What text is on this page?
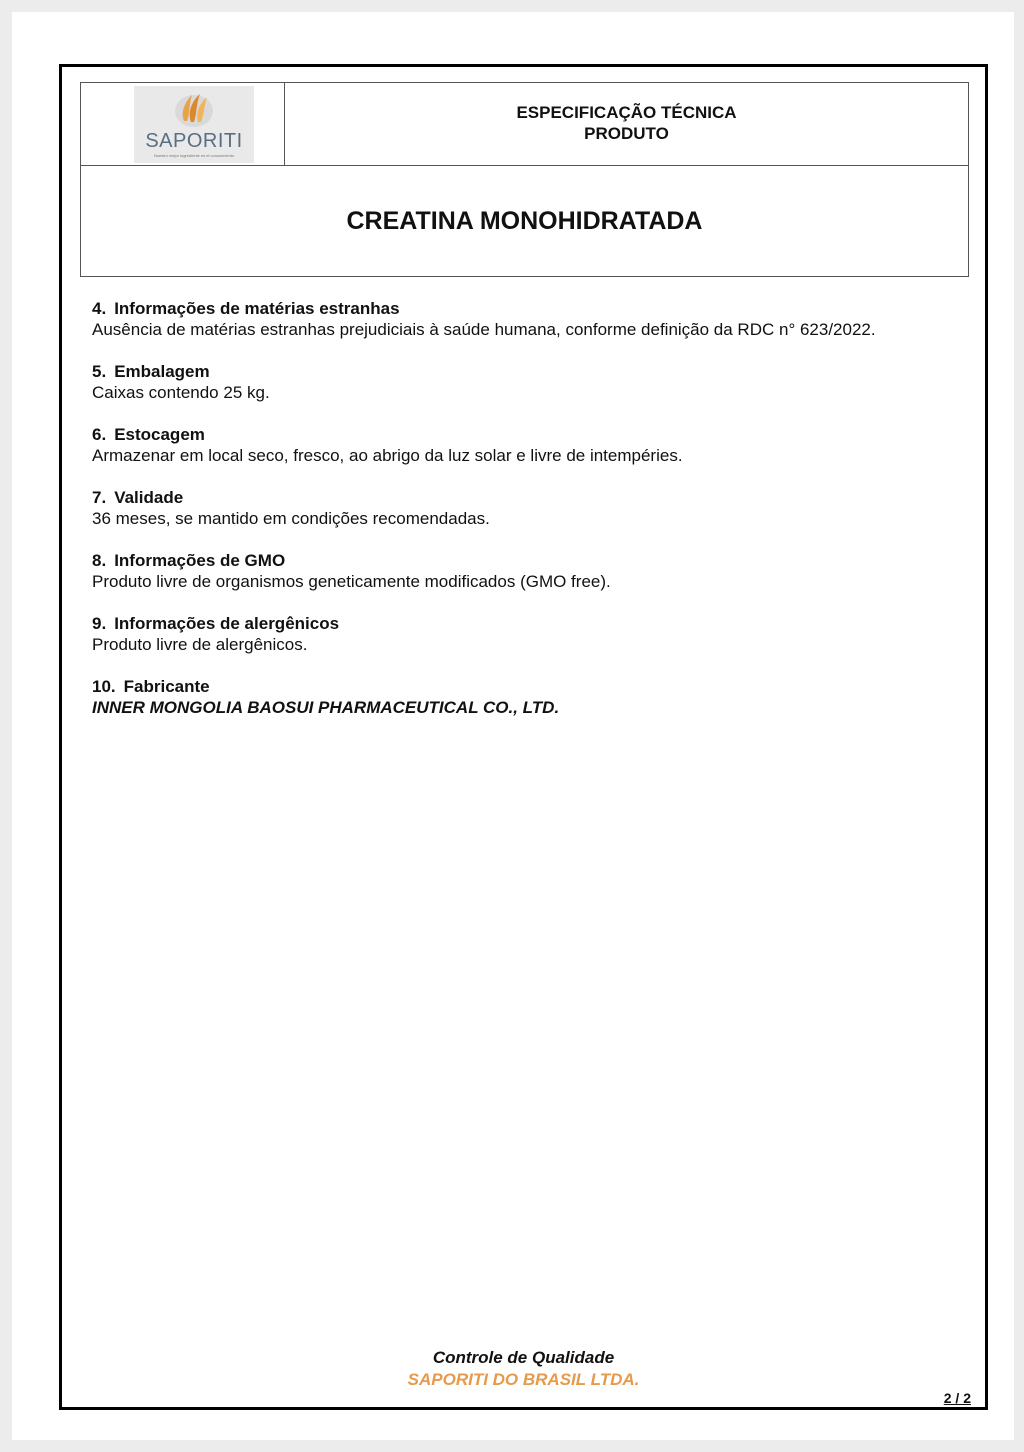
SAPORITI
Nuestro mejor ingrediente es el conocimiento
ESPECIFICAÇÃO TÉCNICA
PRODUTO
CREATINA MONOHIDRATADA
4. Informações de matérias estranhas
Ausência de matérias estranhas prejudiciais à saúde humana, conforme definição da RDC n° 623/2022.
5. Embalagem
Caixas contendo 25 kg.
6. Estocagem
Armazenar em local seco, fresco, ao abrigo da luz solar e livre de intempéries.
7. Validade
36 meses, se mantido em condições recomendadas.
8. Informações de GMO
Produto livre de organismos geneticamente modificados (GMO free).
9. Informações de alergênicos
Produto livre de alergênicos.
10. Fabricante
INNER MONGOLIA BAOSUI PHARMACEUTICAL CO., LTD.
Controle de Qualidade
SAPORITI DO BRASIL LTDA.
2 / 2
